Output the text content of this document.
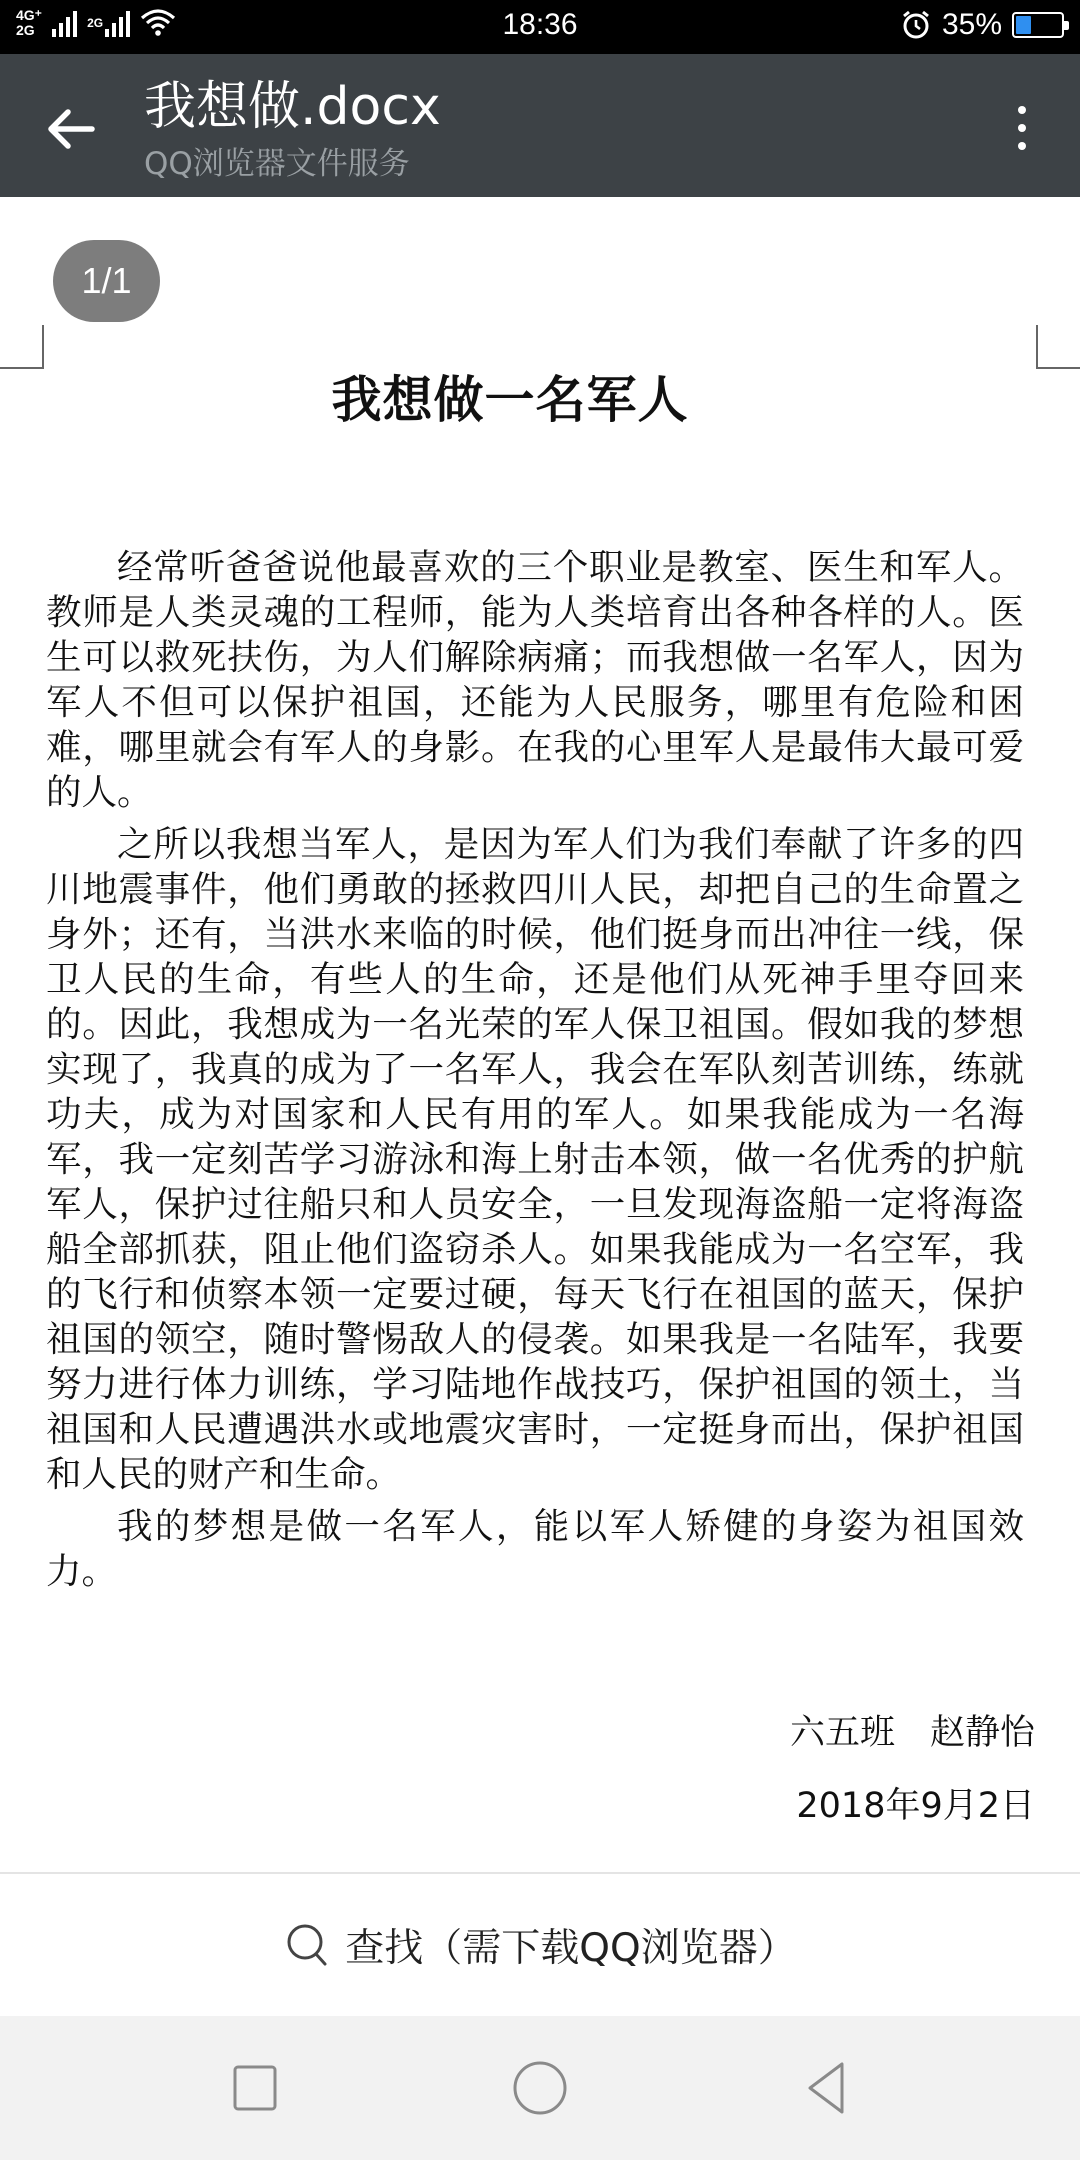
4G⁺
2G	2G	18:36	35%
我想做.docx
QQ浏览器文件服务
1/1
我想做一名军人

经常听爸爸说他最喜欢的三个职业是教室、医生和军人。教师是人类灵魂的工程师，能为人类培育出各种各样的人。医生可以救死扶伤，为人们解除病痛；而我想做一名军人，因为军人不但可以保护祖国，还能为人民服务，哪里有危险和困难，哪里就会有军人的身影。在我的心里军人是最伟大最可爱的人。

之所以我想当军人，是因为军人们为我们奉献了许多的四川地震事件，他们勇敢的拯救四川人民，却把自己的生命置之身外；还有，当洪水来临的时候，他们挺身而出冲往一线，保卫人民的生命，有些人的生命，还是他们从死神手里夺回来的。因此，我想成为一名光荣的军人保卫祖国。假如我的梦想实现了，我真的成为了一名军人，我会在军队刻苦训练，练就功夫，成为对国家和人民有用的军人。如果我能成为一名海军，我一定刻苦学习游泳和海上射击本领，做一名优秀的护航军人，保护过往船只和人员安全，一旦发现海盗船一定将海盗船全部抓获，阻止他们盗窃杀人。如果我能成为一名空军，我的飞行和侦察本领一定要过硬，每天飞行在祖国的蓝天，保护祖国的领空，随时警惕敌人的侵袭。如果我是一名陆军，我要努力进行体力训练，学习陆地作战技巧，保护祖国的领土，当祖国和人民遭遇洪水或地震灾害时，一定挺身而出，保护祖国和人民的财产和生命。

我的梦想是做一名军人，能以军人矫健的身姿为祖国效力。

六五班　赵静怡
2018年9月2日
查找（需下载QQ浏览器）
